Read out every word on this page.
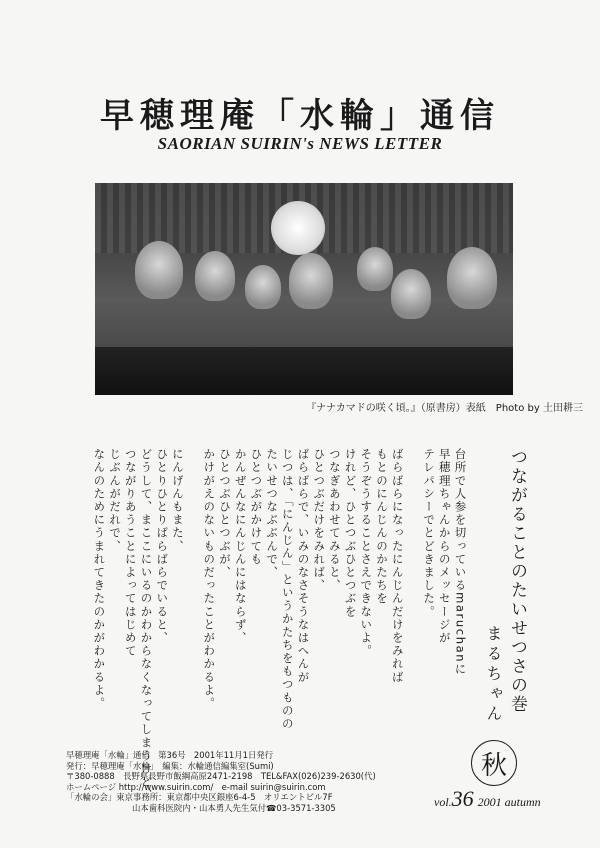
早穂理庵「水輪」通信
SAORIAN SUIRIN's NEWS LETTER
『ナナカマドの咲く頃。』（原書房）表紙　Photo by 土田耕三
つながることのたいせつさの巻
まるちゃん
台所で人参を切っているmaruchanに
早穂理ちゃんからのメッセージが
テレパシーでとどきました。
ばらばらになったにんじんだけをみれば
もとのにんじんのかたちを
そうぞうすることさえできないよ。
けれど、ひとつぶひとつぶを
つなぎあわせてみると、
ひとつぶだけをみれば、
ばらばらで、いみのなさそうなはへんが
じつは、「にんじん」というかたちをもつものの
たいせつなぶぶんで、
ひとつぶがかけても
かんぜんなにんじんにはならず、
ひとつぶひとつぶが、
かけがえのないものだったことがわかるよ。
にんげんもまた、
ひとりひとりばらばらでいると、
どうして、まここにいるのかわからなくなってしまうけど、
つながりあうことによってはじめて
じぶんがだれで、
なんのためにうまれてきたのかがわかるよ。
早穂理庵「水輪」通信　第36号　2001年11月1日発行
発行：早穂理庵「水輪」　編集：水輪通信編集室(Sumi)
〒380-0888　長野県長野市飯綱高原2471-2198　TEL&FAX(026)239-2630(代)
ホームページ http://www.suirin.com/　e-mail suirin@suirin.com
「水輪の会」東京事務所：東京都中央区銀座6-4-5　オリエントビル7F
山本歯科医院内・山本勇人先生気付☎03-3571-3305
秋
vol.36 2001 autumn
